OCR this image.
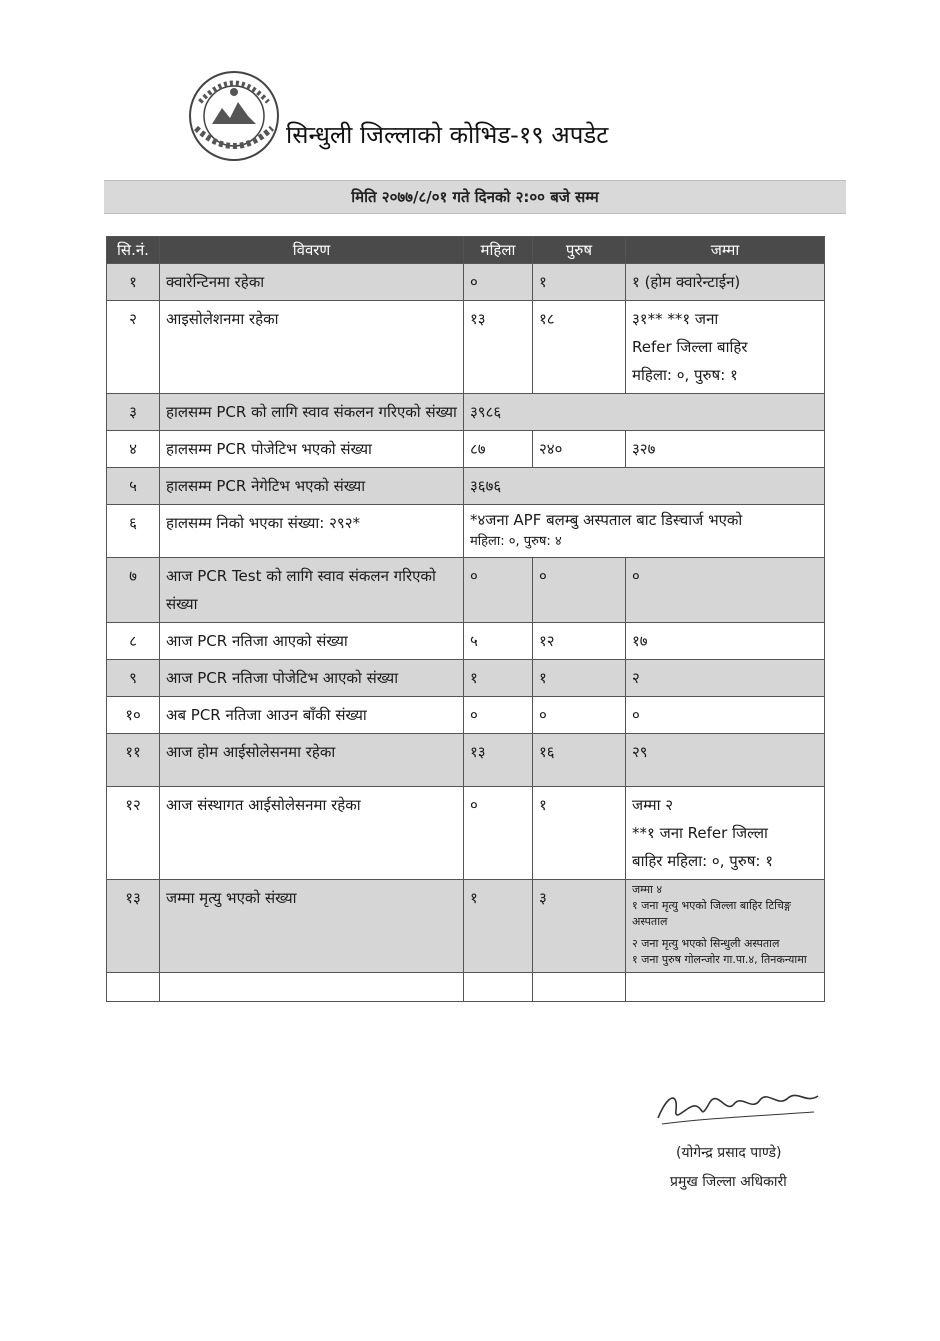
सिन्धुली जिल्लाको कोभिड-१९ अपडेट
मिति २०७७/८/०१ गते दिनको २:०० बजे सम्म
सि.नं.	विवरण	महिला	पुरुष	जम्मा
१	क्वारेन्टिनमा रहेका	०	१	१ (होम क्वारेन्टाईन)
२	आइसोलेशनमा रहेका	१३	१८	३१** **१ जना
Refer जिल्ला बाहिर
महिला: ०, पुरुष: १

३	हालसम्म PCR को लागि स्वाव संकलन गरिएको संख्या	३९८६		
४	हालसम्म PCR पोजेटिभ भएको संख्या	८७	२४०	३२७
५	हालसम्म PCR नेगेटिभ भएको संख्या	३६७६		
६	हालसम्म निको भएका संख्या: २९२*	*४जना APF बलम्बु अस्पताल बाट डिस्चार्ज भएको
महिला: ०, पुरुष: ४		

७	आज PCR Test को लागि स्वाव संकलन गरिएको संख्या	०	०	०
८	आज PCR नतिजा आएको संख्या	५	१२	१७
९	आज PCR नतिजा पोजेटिभ आएको संख्या	१	१	२
१०	अब PCR नतिजा आउन बाँकी संख्या	०	०	०
११	आज होम आईसोलेसनमा रहेका	१३	१६	२९
१२	आज संस्थागत आईसोलेसनमा रहेका	०	१	जम्मा २
**१ जना Refer जिल्ला
बाहिर महिला: ०, पुरुष: १

१३	जम्मा मृत्यु भएको संख्या	१	३	जम्मा ४
१ जना मृत्यु भएको जिल्ला बाहिर टिचिङ्ग अस्पताल
२ जना मृत्यु भएको सिन्धुली अस्पताल
१ जना पुरुष गोलन्जोर गा.पा.४, तिनकन्यामा

(योगेन्द्र प्रसाद पाण्डे)
प्रमुख जिल्ला अधिकारी
